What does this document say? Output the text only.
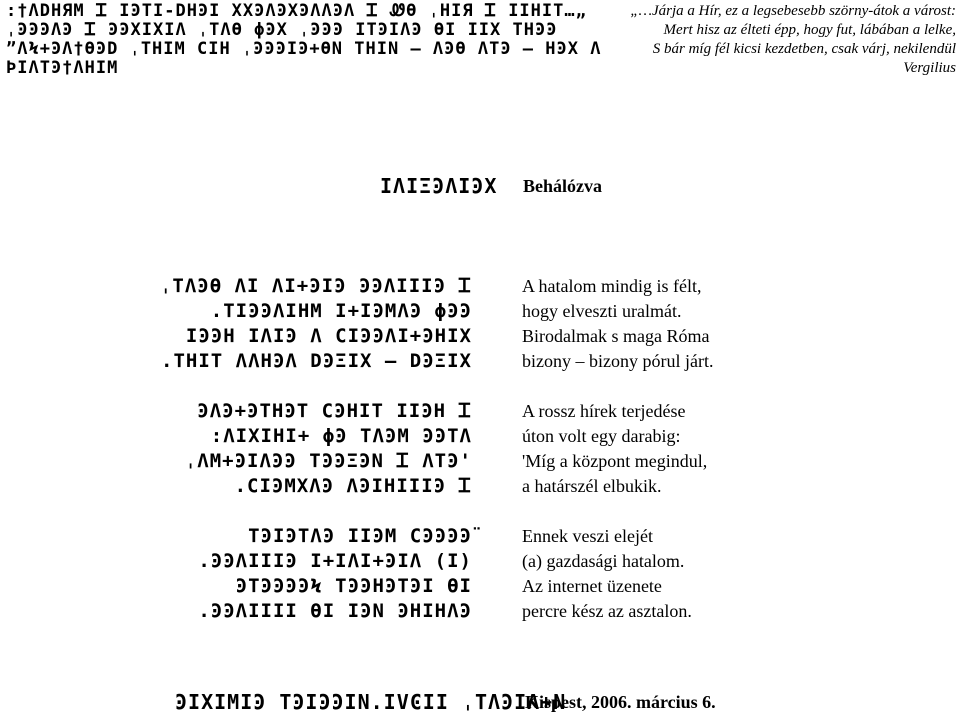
:†ΛDHЯM Ꮖ ΙϿΤΙ-DHϿΙ ΧΧϿΛϿΧϿΛΛϿΛ Ꮖ Ꮺϴ ˌHΙЯ Ꮖ ΙΙHΙΤ…„
ˌϿϿϿΛϿ Ꮖ ϿϿΧΙΧΙΛ ˌΤΛϴ ϕϿΧ ˌϿϿϿ ΙΤϿΙΛϿ ϴΙ ΙΙΧ ΤHϿϿ
ˮΛϞ+ϿΛ†ϴϿD ˌΤHΙΜ ϹΙH ˌϿϿϿΙϿ+ϴΝ ΤHΙΝ — ΛϿϴ ΛΤϿ — HϿΧ Λ
ϷΙΛΤϿ†ΛHΙΜ
„…Járja a Hír, ez a legsebesebb szörny-átok a várost:
Mert hisz az élteti épp, hogy fut, lábában a lelke,
S bár míg fél kicsi kezdetben, csak várj, nekilendül
Vergilius
ΙΛΙΞϿΛΙϿΧ Behálózva
ˌΤΛϿϴ ΛΙ ΛΙ+ϿΙϿ ϿϿΛΙΙΙϿ Ꮖ
.ΤΙϿϿΛΙHΜ Ι+ΙϿΜΛϿ ϕϿϿ
ΙϿϿΗ ΙΛΙϿ Λ ϹΙϿϿΛΙ+ϿHΙΧ
.ΤHΙΤ ΛΛHϿΛ DϿΞΙΧ — DϿΞΙΧ
ϿΛϿ+ϿΤHϿΤ ϹϿHΙΤ ΙΙϿH Ꮖ
:ΛΙΧΙHΙ+ ϕϿ ΤΛϿΜ ϿϿΤΛ
ˌΛΜ+ϿΙΛϿϿ ΤϿϿΞϿΝ Ꮖ ΛΤϿ'
.ϹΙϿΜΧΛϿ ΛϿΙHΙΙΙϿ Ꮖ
ΤϿΙϿΤΛϿ ΙΙϿΜ ϹϿϿϿϿ̈
.ϿϿΛΙΙΙϿ Ι+ΙΛΙ+ϿΙΛ (Ι)
ϿΤϿϿϿϿϞ ΤϿϿHϿΤϿΙ ϴΙ
.ϿϿΛΙΙΙΙ ϴΙ ΙϿΝ ϿHΙHΛϿ
A hatalom mindig is félt,
hogy elveszti uralmát.
Birodalmak s maga Róma
bizony – bizony pórul járt.
A rossz hírek terjedése
úton volt egy darabig:
'Míg a központ megindul,
a határszél elbukik.
Ennek veszi elejét
(a) gazdasági hatalom.
Az internet üzenete
percre kész az asztalon.
ϿΙΧΙΜΙϿ ΤϿΙϿϿΙΝ.ΙVϾΙΙ ˌΤΛϿΙΛ+Ν
Kispest, 2006. március 6.
